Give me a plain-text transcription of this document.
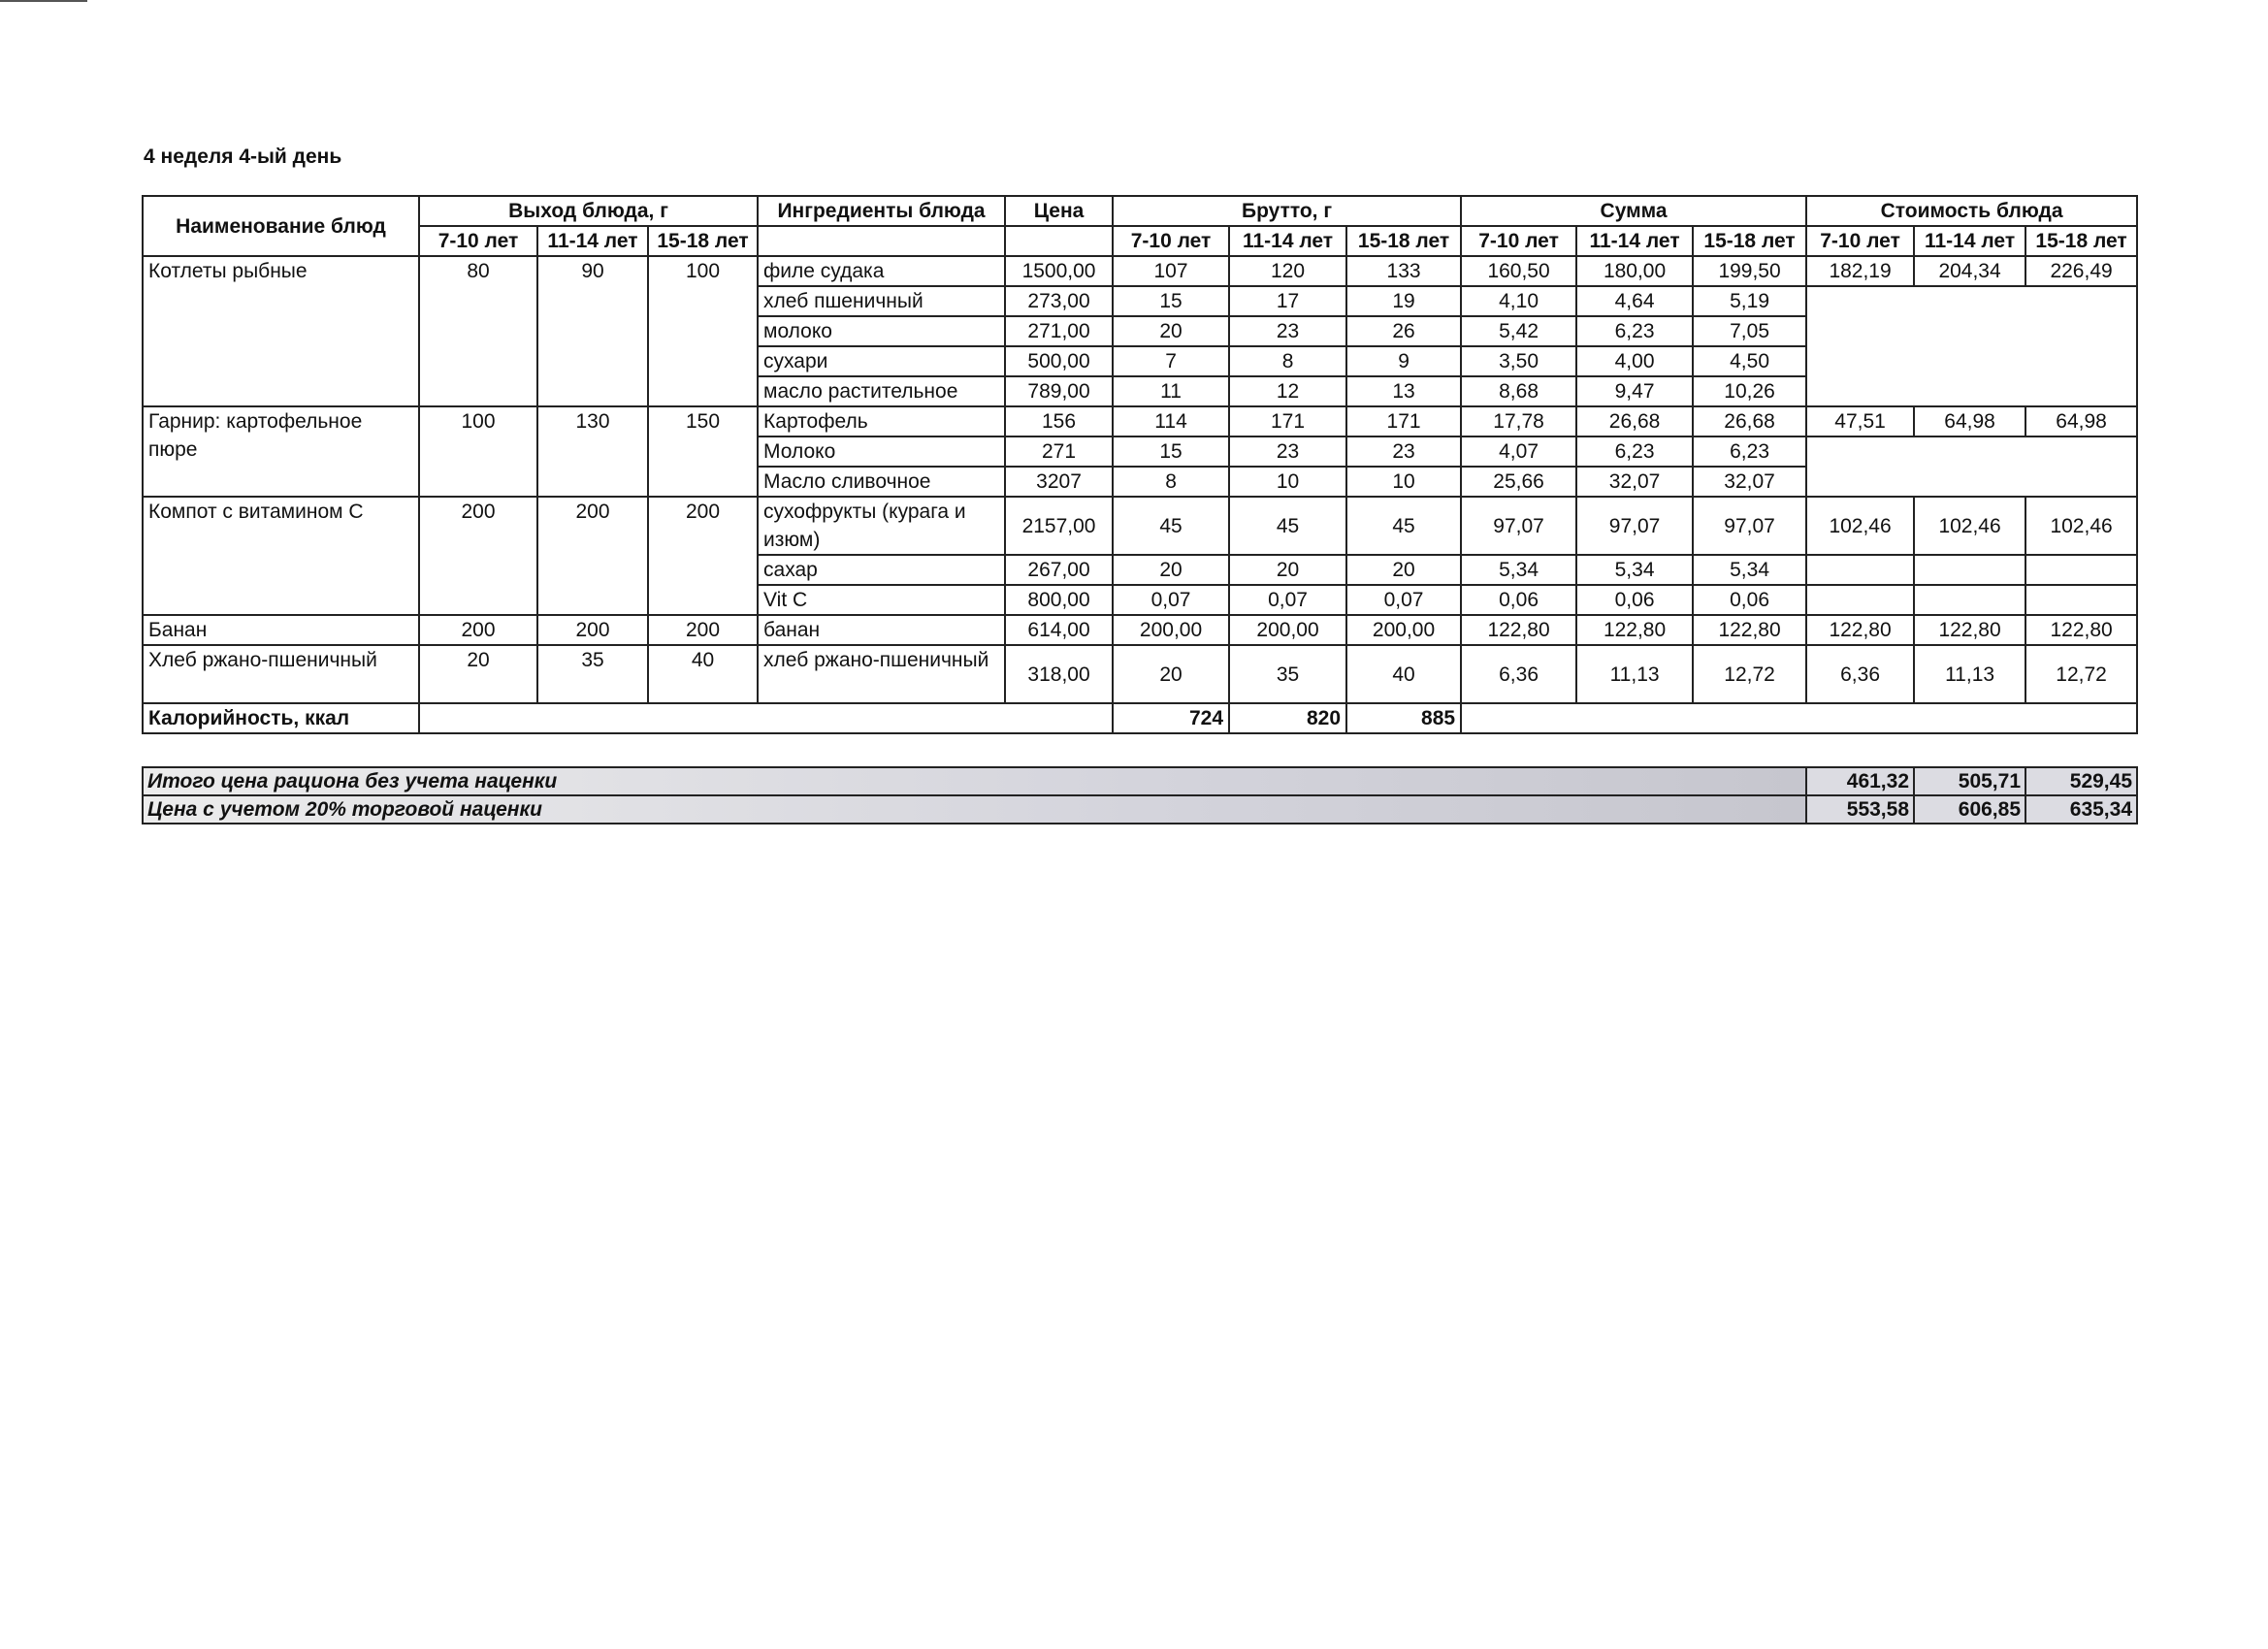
4 неделя 4-ый день
Наименование блюд	Выход блюда, г			Ингредиенты блюда	Цена	Брутто, г			Сумма			Стоимость блюда		
	7-10 лет	11-14 лет	15-18 лет			7-10 лет	11-14 лет	15-18 лет	7-10 лет	11-14 лет	15-18 лет	7-10 лет	11-14 лет	15-18 лет
Котлеты рыбные	80	90	100	филе судака	1500,00	107	120	133	160,50	180,00	199,50	182,19	204,34	226,49
				хлеб пшеничный	273,00	15	17	19	4,10	4,64	5,19			
				молоко	271,00	20	23	26	5,42	6,23	7,05			
				сухари	500,00	7	8	9	3,50	4,00	4,50			
				масло растительное	789,00	11	12	13	8,68	9,47	10,26			
Гарнир: картофельное пюре	100	130	150	Картофель	156	114	171	171	17,78	26,68	26,68	47,51	64,98	64,98
				Молоко	271	15	23	23	4,07	6,23	6,23			
				Масло сливочное	3207	8	10	10	25,66	32,07	32,07			
Компот с витамином С	200	200	200	сухофрукты (курага и изюм)	2157,00	45	45	45	97,07	97,07	97,07	102,46	102,46	102,46
				сахар	267,00	20	20	20	5,34	5,34	5,34			
				Vit C	800,00	0,07	0,07	0,07	0,06	0,06	0,06			
Банан	200	200	200	банан	614,00	200,00	200,00	200,00	122,80	122,80	122,80	122,80	122,80	122,80
Хлеб ржано-пшеничный	20	35	40	хлеб ржано-пшеничный	318,00	20	35	40	6,36	11,13	12,72	6,36	11,13	12,72
Калорийность, ккал						724	820	885						
Итого цена рациона без учета наценки	461,32	505,71	529,45
Цена с учетом 20% торговой наценки	553,58	606,85	635,34
